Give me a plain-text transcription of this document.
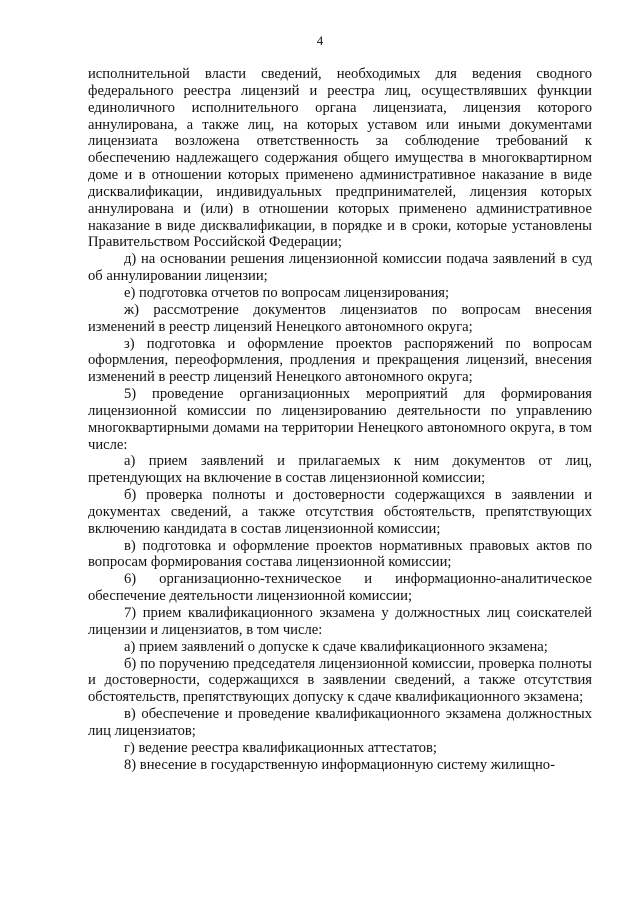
4

исполнительной власти сведений, необходимых для ведения сводного федерального реестра лицензий и реестра лиц, осуществлявших функции единоличного исполнительного органа лицензиата, лицензия которого аннулирована, а также лиц, на которых уставом или иными документами лицензиата возложена ответственность за соблюдение требований к обеспечению надлежащего содержания общего имущества в многоквартирном доме и в отношении которых применено административное наказание в виде дисквалификации, индивидуальных предпринимателей, лицензия которых аннулирована и (или) в отношении которых применено административное наказание в виде дисквалификации, в порядке и в сроки, которые установлены Правительством Российской Федерации;

д) на основании решения лицензионной комиссии подача заявлений в суд об аннулировании лицензии;

е) подготовка отчетов по вопросам лицензирования;

ж) рассмотрение документов лицензиатов по вопросам внесения изменений в реестр лицензий Ненецкого автономного округа;

з) подготовка и оформление проектов распоряжений по вопросам оформления, переоформления, продления и прекращения лицензий, внесения изменений в реестр лицензий Ненецкого автономного округа;

5) проведение организационных мероприятий для формирования лицензионной комиссии по лицензированию деятельности по управлению многоквартирными домами на территории Ненецкого автономного округа, в том числе:

а) прием заявлений и прилагаемых к ним документов от лиц, претендующих на включение в состав лицензионной комиссии;

б) проверка полноты и достоверности содержащихся в заявлении и документах сведений, а также отсутствия обстоятельств, препятствующих включению кандидата в состав лицензионной комиссии;

в) подготовка и оформление проектов нормативных правовых актов по вопросам формирования состава лицензионной комиссии;

6) организационно-техническое и информационно-аналитическое обеспечение деятельности лицензионной комиссии;

7) прием квалификационного экзамена у должностных лиц соискателей лицензии и лицензиатов, в том числе:

а) прием заявлений о допуске к сдаче квалификационного экзамена;

б) по поручению председателя лицензионной комиссии, проверка полноты и достоверности, содержащихся в заявлении сведений, а также отсутствия обстоятельств, препятствующих допуску к сдаче квалификационного экзамена;

в) обеспечение и проведение квалификационного экзамена должностных лиц лицензиатов;

г) ведение реестра квалификационных аттестатов;

8) внесение в государственную информационную систему жилищно-
